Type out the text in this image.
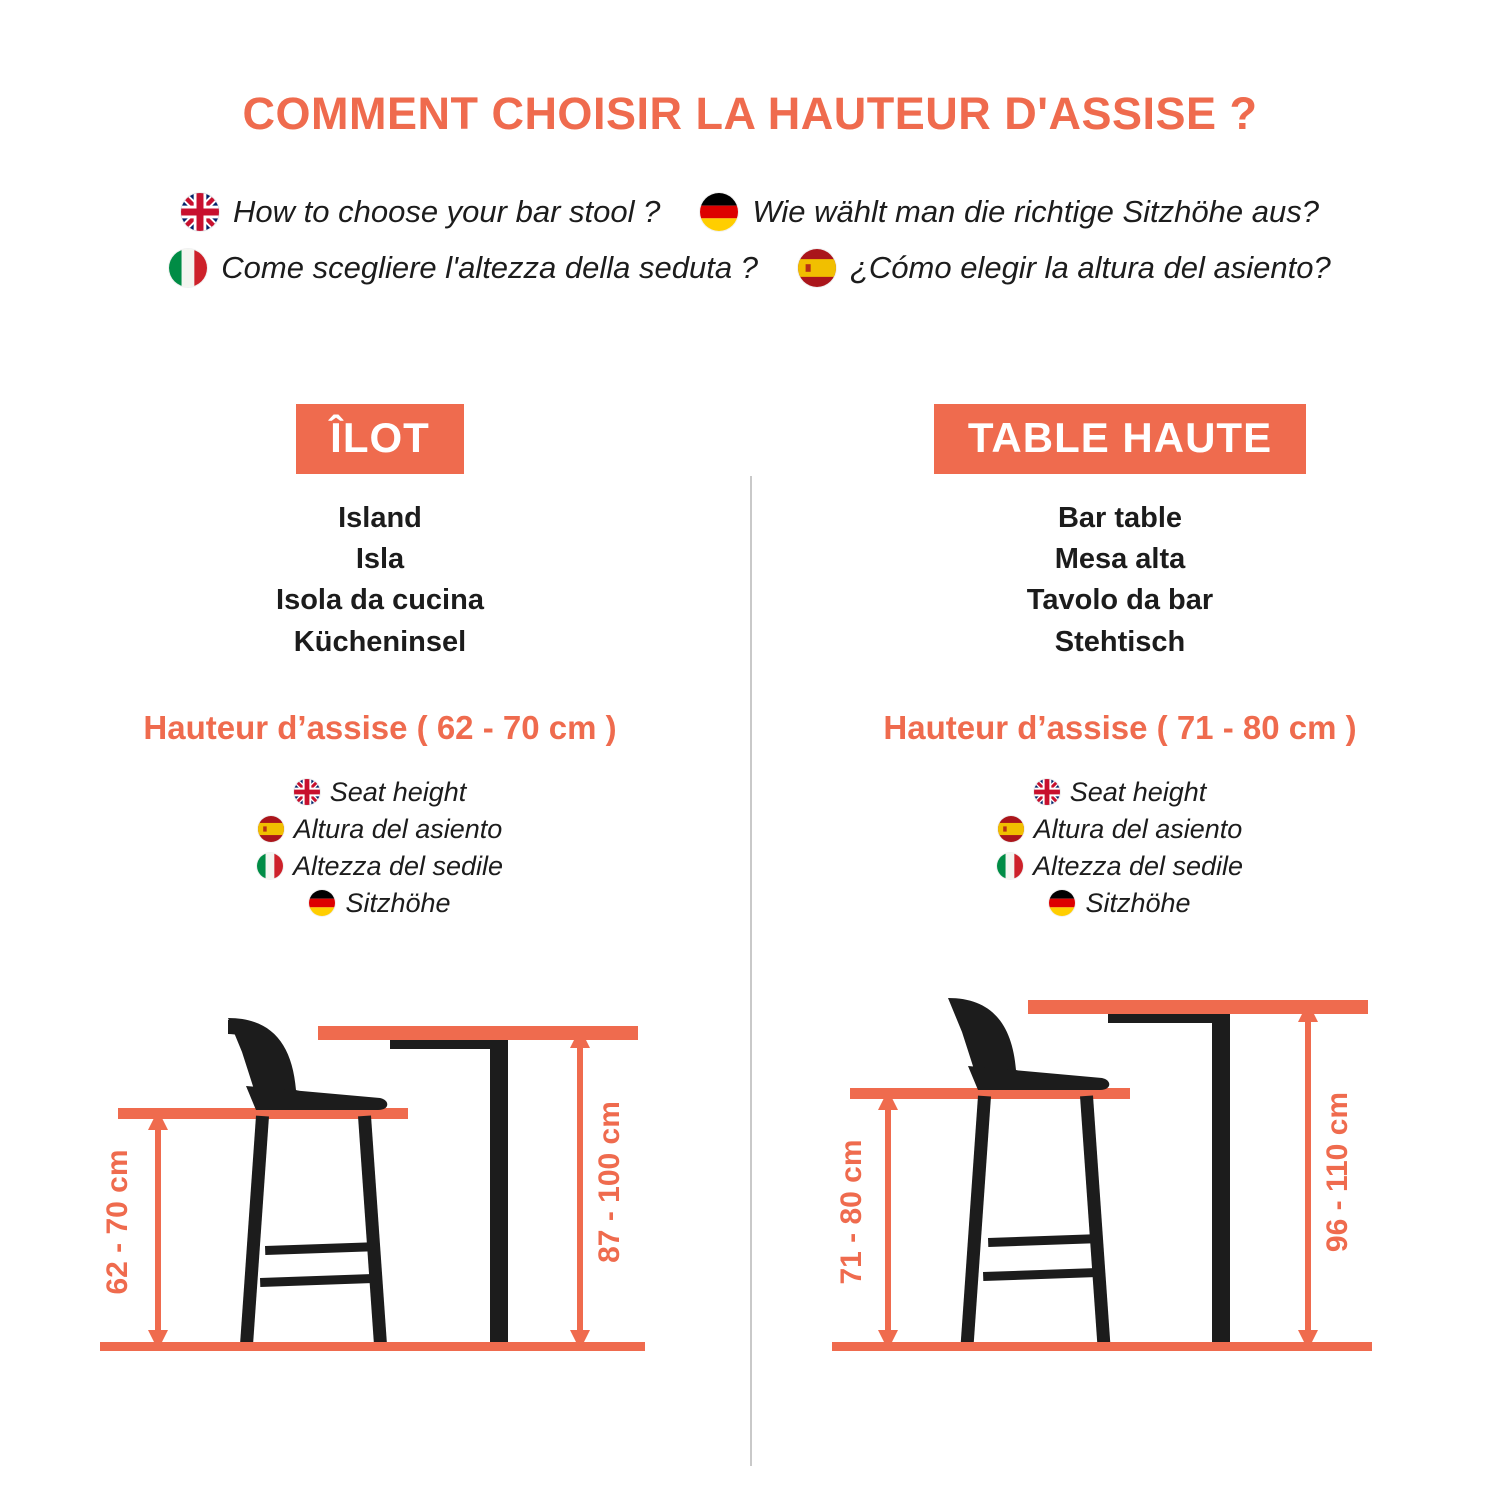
COMMENT CHOISIR LA HAUTEUR D'ASSISE ?
How to choose your bar stool ?	Wie wählt man die richtige Sitzhöhe aus?
Come scegliere l'altezza della seduta ?	¿Cómo elegir la altura del asiento?
ÎLOT
Island
Isla
Isola da cucina
Kücheninsel
Hauteur d’assise ( 62 - 70 cm )
Seat height
Altura del asiento
Altezza del sedile
Sitzhöhe
62 - 70 cm	87 - 100 cm
TABLE HAUTE
Bar table
Mesa alta
Tavolo da bar
Stehtisch
Hauteur d’assise ( 71 - 80 cm )
Seat height
Altura del asiento
Altezza del sedile
Sitzhöhe
71 - 80 cm	96 - 110 cm
